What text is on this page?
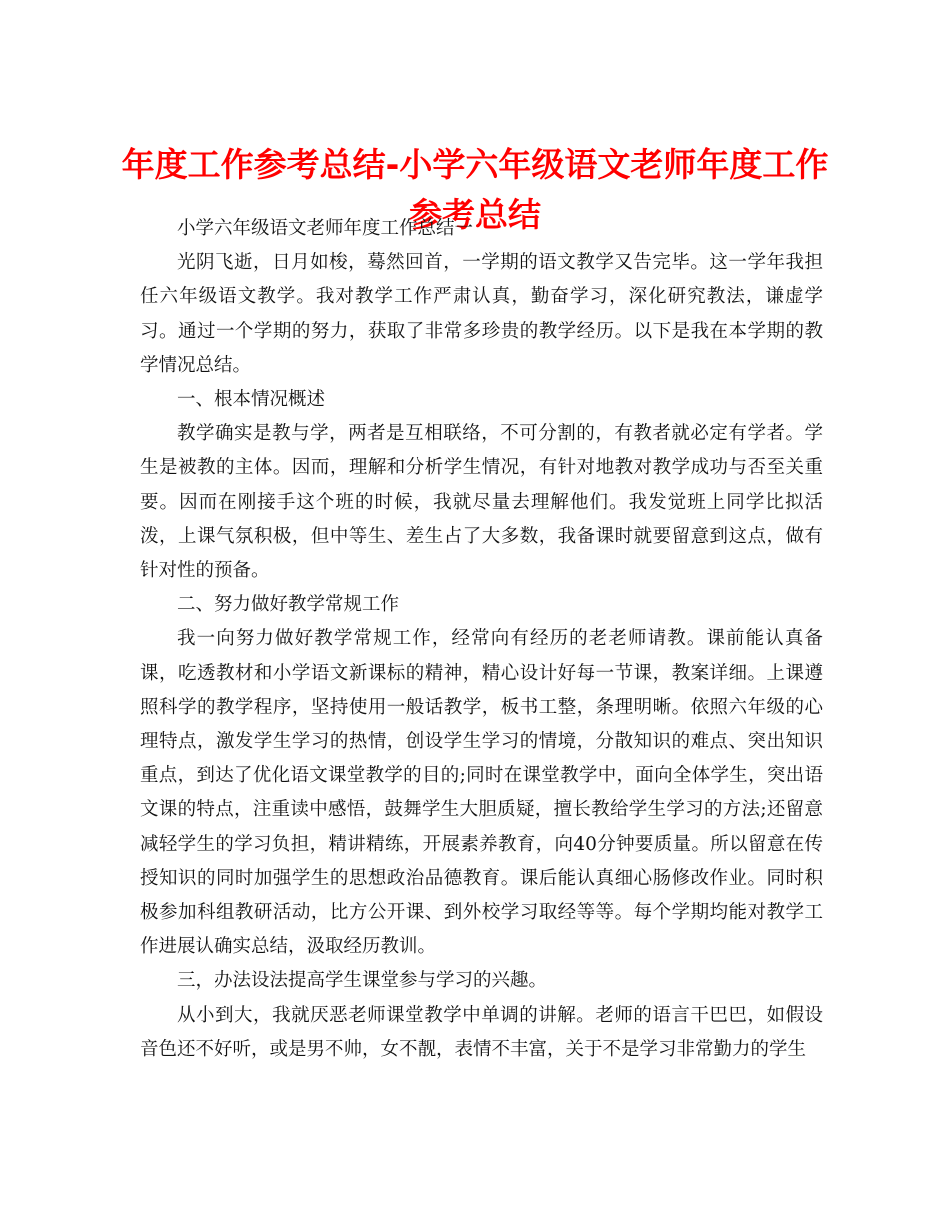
年度工作参考总结-小学六年级语文老师年度工作参考总结

小学六年级语文老师年度工作总结一

光阴飞逝，日月如梭，蓦然回首，一学期的语文教学又告完毕。这一学年我担任六年级语文教学。我对教学工作严肃认真，勤奋学习，深化研究教法，谦虚学习。通过一个学期的努力，获取了非常多珍贵的教学经历。以下是我在本学期的教学情况总结。

一、根本情况概述

教学确实是教与学，两者是互相联络，不可分割的，有教者就必定有学者。学生是被教的主体。因而，理解和分析学生情况，有针对地教对教学成功与否至关重要。因而在刚接手这个班的时候，我就尽量去理解他们。我发觉班上同学比拟活泼，上课气氛积极，但中等生、差生占了大多数，我备课时就要留意到这点，做有针对性的预备。

二、努力做好教学常规工作

我一向努力做好教学常规工作，经常向有经历的老老师请教。课前能认真备课，吃透教材和小学语文新课标的精神，精心设计好每一节课，教案详细。上课遵照科学的教学程序，坚持使用一般话教学，板书工整，条理明晰。依照六年级的心理特点，激发学生学习的热情，创设学生学习的情境，分散知识的难点、突出知识重点，到达了优化语文课堂教学的目的;同时在课堂教学中，面向全体学生，突出语文课的特点，注重读中感悟，鼓舞学生大胆质疑，擅长教给学生学习的方法;还留意减轻学生的学习负担，精讲精练，开展素养教育，向40分钟要质量。所以留意在传授知识的同时加强学生的思想政治品德教育。课后能认真细心肠修改作业。同时积极参加科组教研活动，比方公开课、到外校学习取经等等。每个学期均能对教学工作进展认确实总结，汲取经历教训。

三，办法设法提高学生课堂参与学习的兴趣。

从小到大，我就厌恶老师课堂教学中单调的讲解。老师的语言干巴巴，如假设音色还不好听，或是男不帅，女不靓，表情不丰富，关于不是学习非常勤力的学生
